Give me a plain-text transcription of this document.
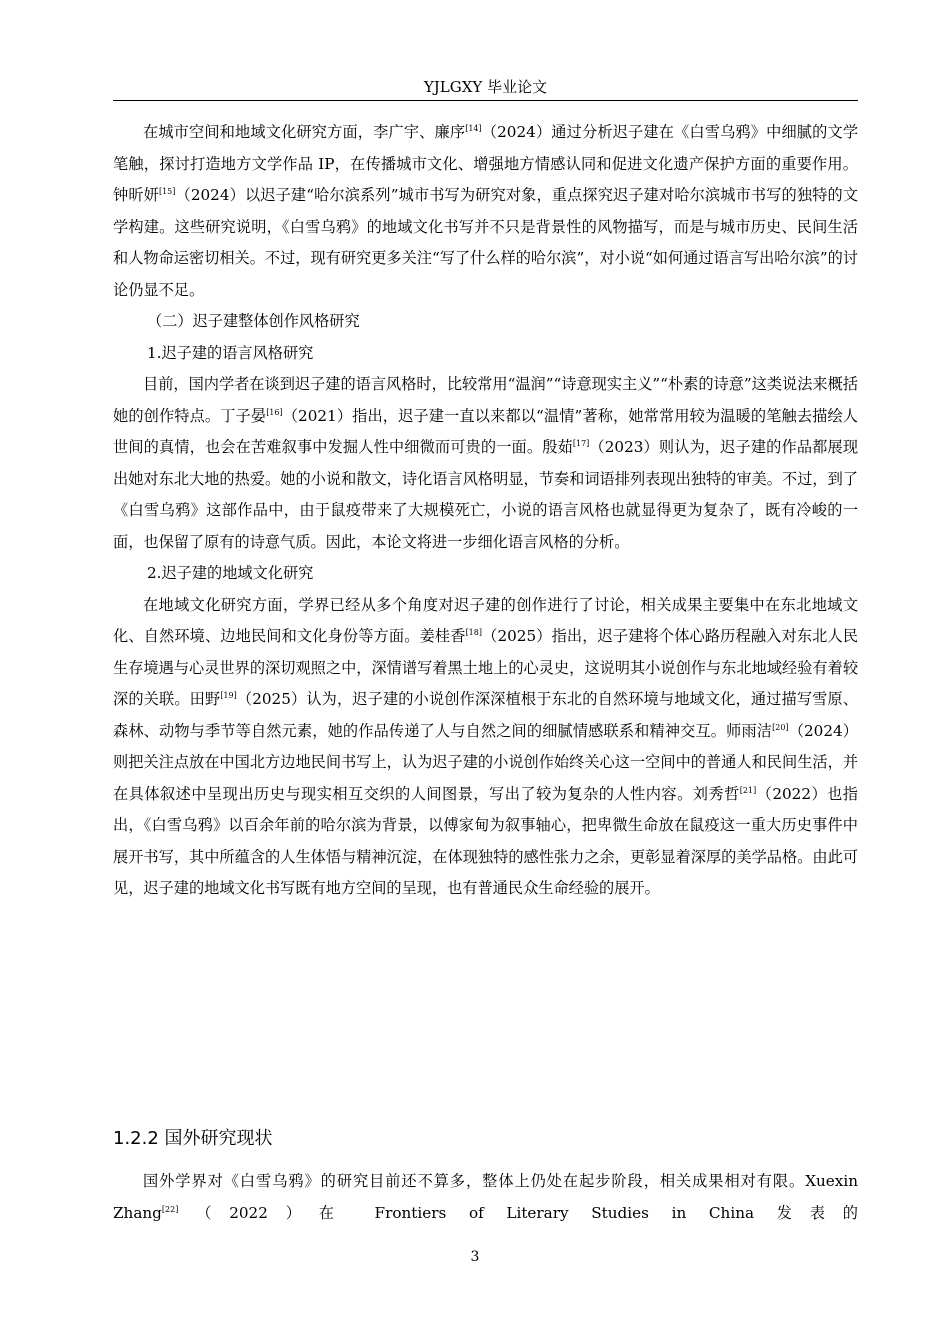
YJLGXY 毕业论文

在城市空间和地域文化研究方面，李广宇、廉序[14]（2024）通过分析迟子建在《白雪乌鸦》中细腻的文学笔触，探讨打造地方文学作品 IP，在传播城市文化、增强地方情感认同和促进文化遗产保护方面的重要作用。钟昕妍[15]（2024）以迟子建“哈尔滨系列”城市书写为研究对象，重点探究迟子建对哈尔滨城市书写的独特的文学构建。这些研究说明，《白雪乌鸦》的地域文化书写并不只是背景性的风物描写，而是与城市历史、民间生活和人物命运密切相关。不过，现有研究更多关注“写了什么样的哈尔滨”，对小说“如何通过语言写出哈尔滨”的讨论仍显不足。

（二）迟子建整体创作风格研究

1.迟子建的语言风格研究

目前，国内学者在谈到迟子建的语言风格时，比较常用“温润”“诗意现实主义”“朴素的诗意”这类说法来概括她的创作特点。丁子晏[16]（2021）指出，迟子建一直以来都以“温情”著称，她常常用较为温暖的笔触去描绘人世间的真情，也会在苦难叙事中发掘人性中细微而可贵的一面。殷茹[17]（2023）则认为，迟子建的作品都展现出她对东北大地的热爱。她的小说和散文，诗化语言风格明显，节奏和词语排列表现出独特的审美。不过，到了《白雪乌鸦》这部作品中，由于鼠疫带来了大规模死亡，小说的语言风格也就显得更为复杂了，既有冷峻的一面，也保留了原有的诗意气质。因此，本论文将进一步细化语言风格的分析。

2.迟子建的地域文化研究

在地域文化研究方面，学界已经从多个角度对迟子建的创作进行了讨论，相关成果主要集中在东北地域文化、自然环境、边地民间和文化身份等方面。姜桂香[18]（2025）指出，迟子建将个体心路历程融入对东北人民生存境遇与心灵世界的深切观照之中，深情谱写着黑土地上的心灵史，这说明其小说创作与东北地域经验有着较深的关联。田野[19]（2025）认为，迟子建的小说创作深深植根于东北的自然环境与地域文化，通过描写雪原、森林、动物与季节等自然元素，她的作品传递了人与自然之间的细腻情感联系和精神交互。师雨洁[20]（2024）则把关注点放在中国北方边地民间书写上，认为迟子建的小说创作始终关心这一空间中的普通人和民间生活，并在具体叙述中呈现出历史与现实相互交织的人间图景，写出了较为复杂的人性内容。刘秀哲[21]（2022）也指出，《白雪乌鸦》以百余年前的哈尔滨为背景，以傅家甸为叙事轴心，把卑微生命放在鼠疫这一重大历史事件中展开书写，其中所蕴含的人生体悟与精神沉淀，在体现独特的感性张力之余，更彰显着深厚的美学品格。由此可见，迟子建的地域文化书写既有地方空间的呈现，也有普通民众生命经验的展开。

1.2.2 国外研究现状

国外学界对《白雪乌鸦》的研究目前还不算多，整体上仍处在起步阶段，相关成果相对有限。Xuexin Zhang[22]（2022）在 Frontiers of Literary Studies in China 发表的

3
